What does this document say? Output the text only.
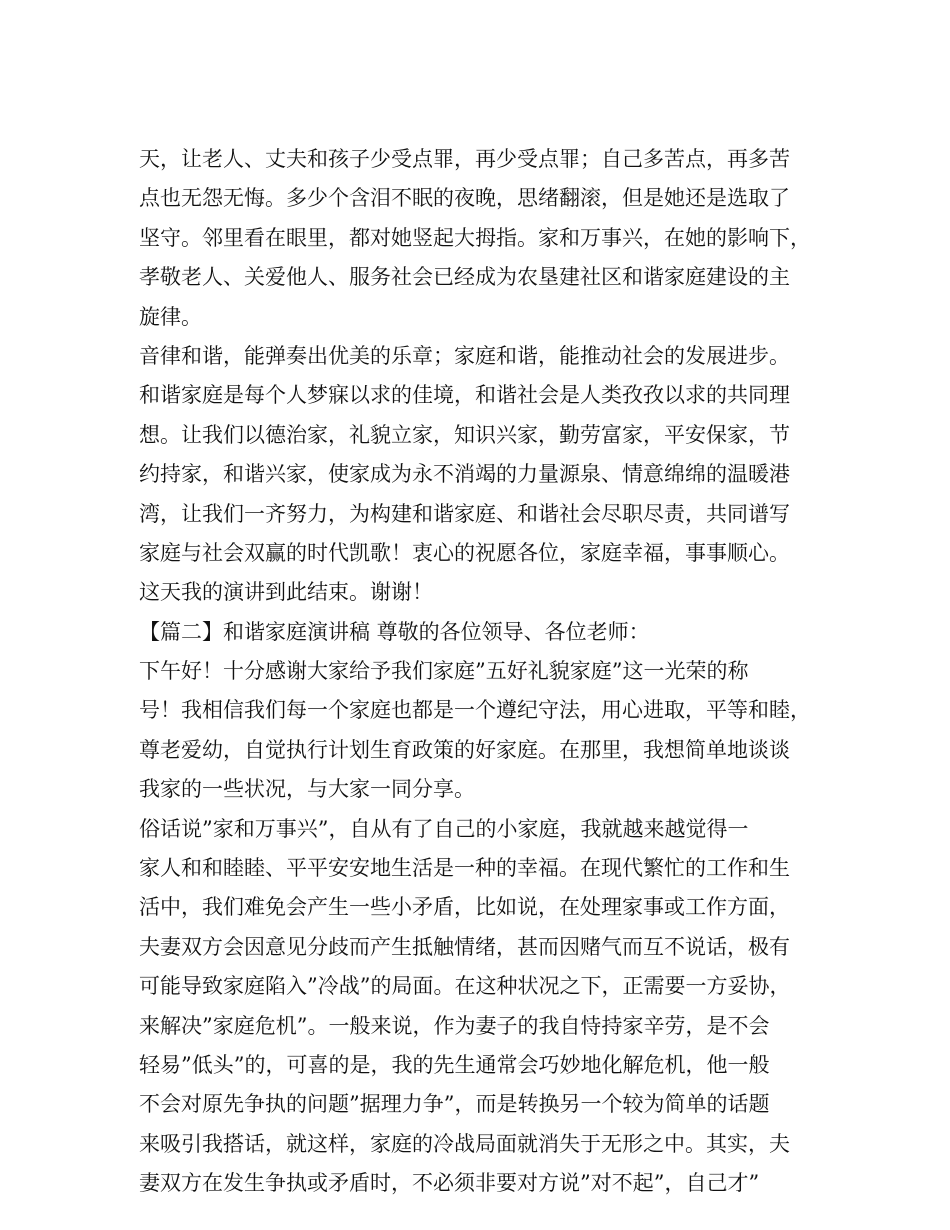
天，让老人、丈夫和孩子少受点罪，再少受点罪；自己多苦点，再多苦
点也无怨无悔。多少个含泪不眠的夜晚，思绪翻滚，但是她还是选取了
坚守。邻里看在眼里，都对她竖起大拇指。家和万事兴，在她的影响下，
孝敬老人、关爱他人、服务社会已经成为农垦建社区和谐家庭建设的主
旋律。
音律和谐，能弹奏出优美的乐章；家庭和谐，能推动社会的发展进步。
和谐家庭是每个人梦寐以求的佳境，和谐社会是人类孜孜以求的共同理
想。让我们以德治家，礼貌立家，知识兴家，勤劳富家，平安保家，节
约持家，和谐兴家，使家成为永不消竭的力量源泉、情意绵绵的温暖港
湾，让我们一齐努力，为构建和谐家庭、和谐社会尽职尽责，共同谱写
家庭与社会双赢的时代凯歌！衷心的祝愿各位，家庭幸福，事事顺心。
这天我的演讲到此结束。谢谢！
【篇二】和谐家庭演讲稿 尊敬的各位领导、各位老师：
下午好！十分感谢大家给予我们家庭”五好礼貌家庭”这一光荣的称
号！我相信我们每一个家庭也都是一个遵纪守法，用心进取，平等和睦，
尊老爱幼，自觉执行计划生育政策的好家庭。在那里，我想简单地谈谈
我家的一些状况，与大家一同分享。
俗话说”家和万事兴”，自从有了自己的小家庭，我就越来越觉得一
家人和和睦睦、平平安安地生活是一种的幸福。在现代繁忙的工作和生
活中，我们难免会产生一些小矛盾，比如说，在处理家事或工作方面，
夫妻双方会因意见分歧而产生抵触情绪，甚而因赌气而互不说话，极有
可能导致家庭陷入”冷战”的局面。在这种状况之下，正需要一方妥协，
来解决”家庭危机”。一般来说，作为妻子的我自恃持家辛劳，是不会
轻易”低头”的，可喜的是，我的先生通常会巧妙地化解危机，他一般
不会对原先争执的问题”据理力争”，而是转换另一个较为简单的话题
来吸引我搭话，就这样，家庭的冷战局面就消失于无形之中。其实，夫
妻双方在发生争执或矛盾时，不必须非要对方说”对不起”，自己才”
